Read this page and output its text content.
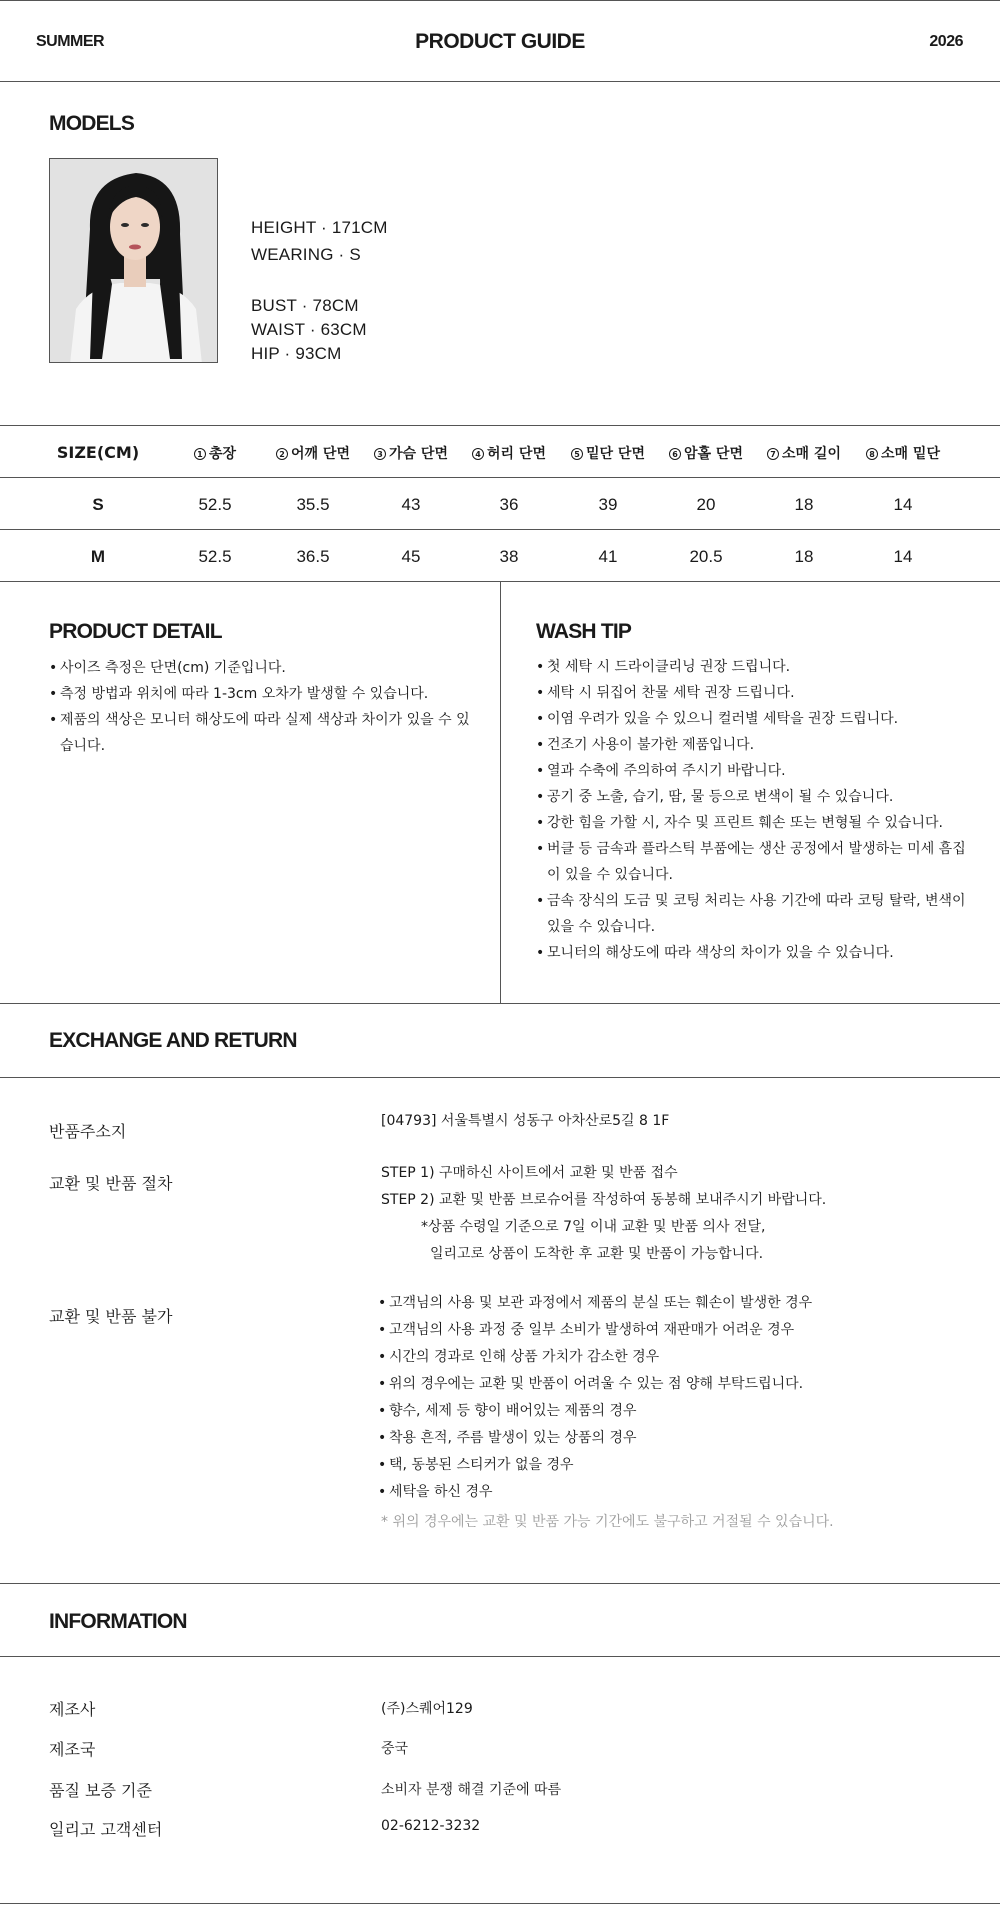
SUMMER	PRODUCT GUIDE	2026
MODELS
HEIGHT · 171CM
WEARING · S
BUST · 78CM
WAIST · 63CM
HIP · 93CM
SIZE(CM)	1 총장	2 어깨 단면	3 가슴 단면	4 허리 단면	5 밑단 단면	6 암홀 단면	7 소매 길이	8 소매 밑단
S	52.5	35.5	43	36	39	20	18	14
M	52.5	36.5	45	38	41	20.5	18	14
PRODUCT DETAIL
• 사이즈 측정은 단면(cm) 기준입니다.
• 측정 방법과 위치에 따라 1-3cm 오차가 발생할 수 있습니다.
• 제품의 색상은 모니터 해상도에 따라 실제 색상과 차이가 있을 수 있습니다.
WASH TIP
• 첫 세탁 시 드라이클리닝 권장 드립니다.
• 세탁 시 뒤집어 찬물 세탁 권장 드립니다.
• 이염 우려가 있을 수 있으니 컬러별 세탁을 권장 드립니다.
• 건조기 사용이 불가한 제품입니다.
• 열과 수축에 주의하여 주시기 바랍니다.
• 공기 중 노출, 습기, 땀, 물 등으로 변색이 될 수 있습니다.
• 강한 힘을 가할 시, 자수 및 프린트 훼손 또는 변형될 수 있습니다.
• 버클 등 금속과 플라스틱 부품에는 생산 공정에서 발생하는 미세 흠집이 있을 수 있습니다.
• 금속 장식의 도금 및 코팅 처리는 사용 기간에 따라 코팅 탈락, 변색이 있을 수 있습니다.
• 모니터의 해상도에 따라 색상의 차이가 있을 수 있습니다.
EXCHANGE AND RETURN
반품주소지
[04793] 서울특별시 성동구 아차산로5길 8 1F
교환 및 반품 절차
STEP 1) 구매하신 사이트에서 교환 및 반품 접수
STEP 2) 교환 및 반품 브로슈어를 작성하여 동봉해 보내주시기 바랍니다.
*상품 수령일 기준으로 7일 이내 교환 및 반품 의사 전달,
일리고로 상품이 도착한 후 교환 및 반품이 가능합니다.
교환 및 반품 불가
• 고객님의 사용 및 보관 과정에서 제품의 분실 또는 훼손이 발생한 경우
• 고객님의 사용 과정 중 일부 소비가 발생하여 재판매가 어려운 경우
• 시간의 경과로 인해 상품 가치가 감소한 경우
• 위의 경우에는 교환 및 반품이 어려울 수 있는 점 양해 부탁드립니다.
• 향수, 세제 등 향이 배어있는 제품의 경우
• 착용 흔적, 주름 발생이 있는 상품의 경우
• 택, 동봉된 스티커가 없을 경우
• 세탁을 하신 경우
* 위의 경우에는 교환 및 반품 가능 기간에도 불구하고 거절될 수 있습니다.
INFORMATION
제조사	(주)스퀘어129
제조국	중국
품질 보증 기준	소비자 분쟁 해결 기준에 따름
일리고 고객센터	02-6212-3232
